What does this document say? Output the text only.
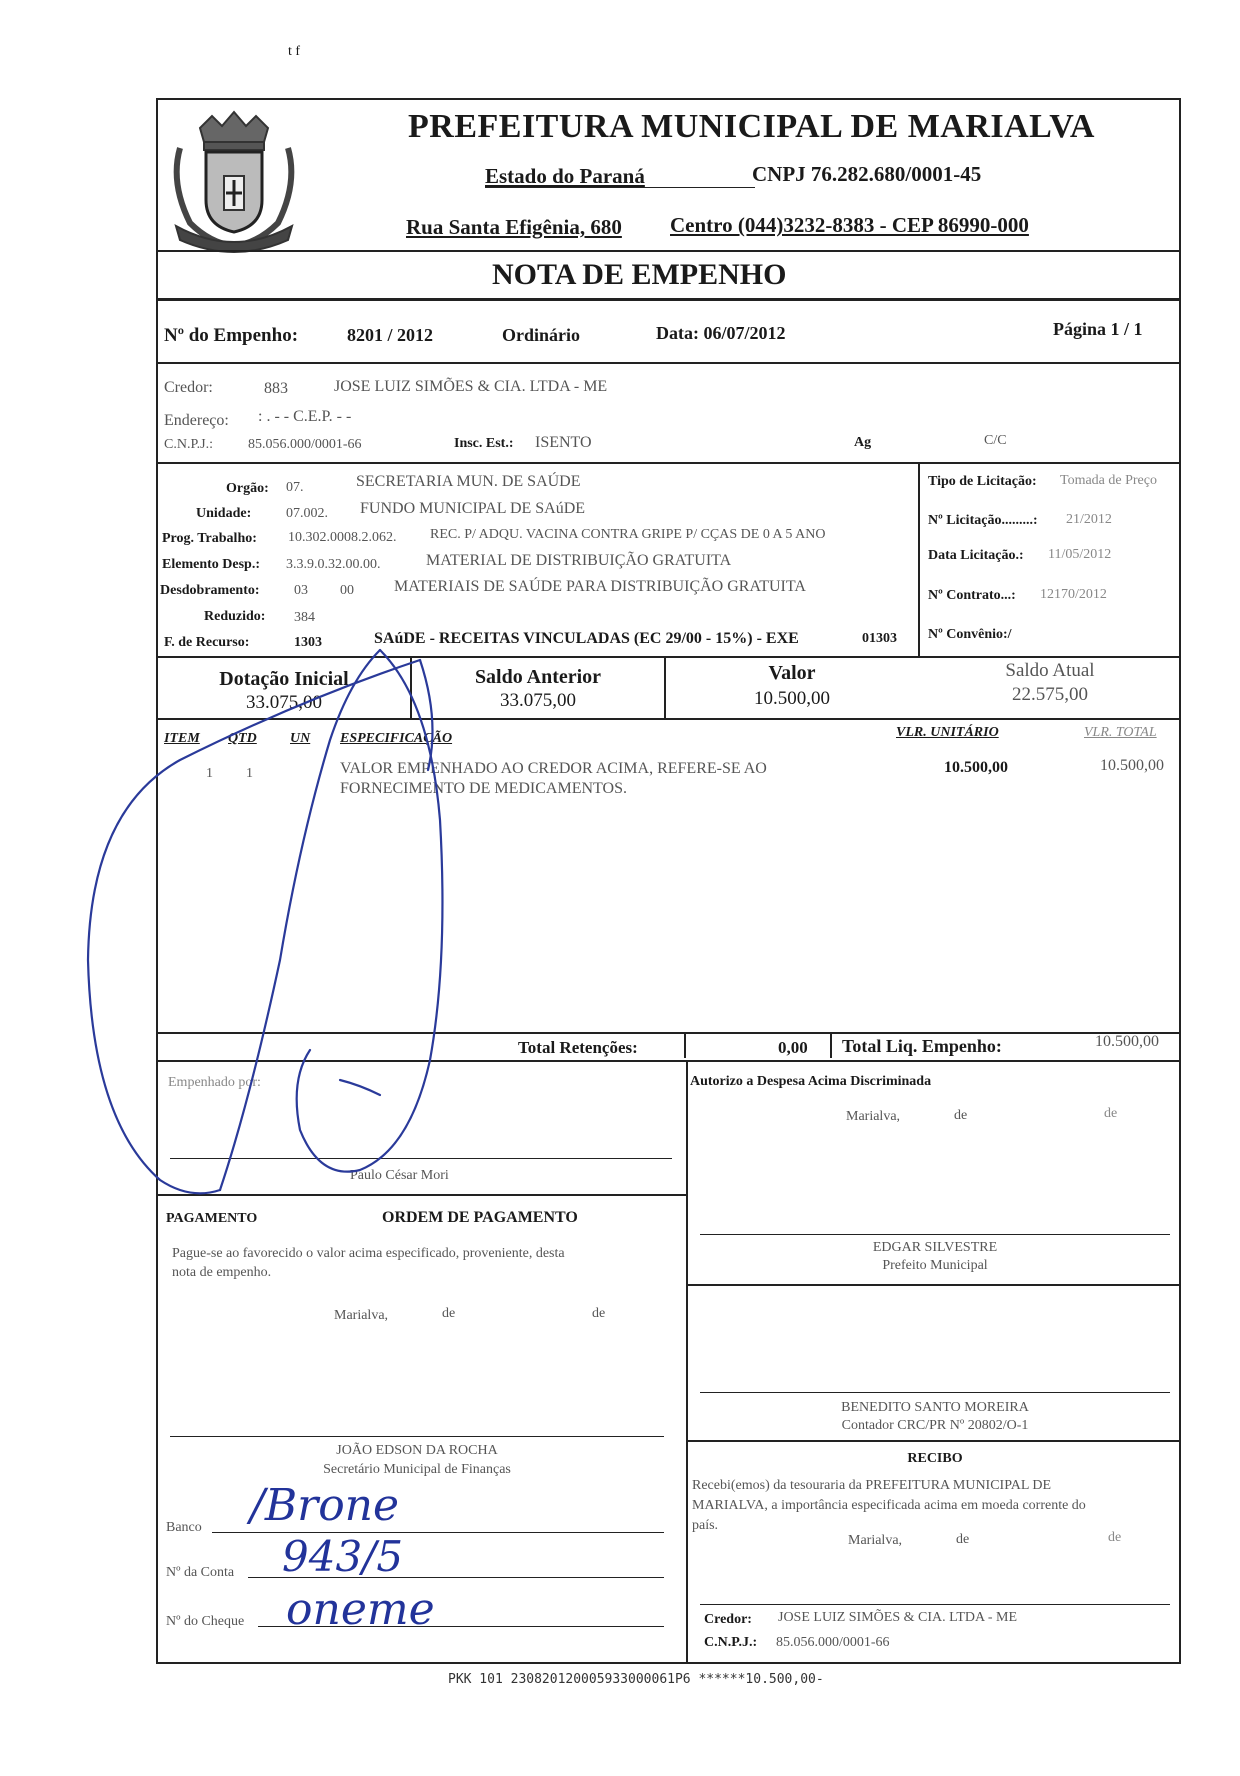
t f
PREFEITURA MUNICIPAL DE MARIALVA
Estado do Paraná	CNPJ 76.282.680/0001-45
Rua Santa Efigênia, 680 Centro (044)3232-8383 - CEP 86990-000
NOTA DE EMPENHO
Nº do Empenho:	8201 / 2012	Ordinário	Data: 06/07/2012	Página 1 / 1
Credor:	883	JOSE LUIZ SIMÕES & CIA. LTDA - ME
Endereço: : . - - C.E.P. - -
C.N.P.J.: 85.056.000/0001-66	Insc. Est.: ISENTO	Ag	C/C
Orgão: 07.	SECRETARIA MUN. DE SAÚDE
Unidade: 07.002. FUNDO MUNICIPAL DE SAúDE
Prog. Trabalho: 10.302.0008.2.062. REC. P/ ADQU. VACINA CONTRA GRIPE P/ CÇAS DE 0 A 5 ANO
Elemento Desp.: 3.3.9.0.32.00.00.	MATERIAL DE DISTRIBUIÇÃO GRATUITA
Desdobramento: 03 00	MATERIAIS DE SAÚDE PARA DISTRIBUIÇÃO GRATUITA
Reduzido: 384
F. de Recurso:	1303	SAúDE - RECEITAS VINCULADAS (EC 29/00 - 15%) - EXE	01303
Tipo de Licitação: Tomada de Preço
Nº Licitação.........: 21/2012
Data Licitação.: 11/05/2012
Nº Contrato...: 12170/2012
Nº Convênio:/
Dotação Inicial
33.075,00
Saldo Anterior
33.075,00
Valor
10.500,00
Saldo Atual
22.575,00
ITEM QTD UN ESPECIFICAÇÃO	VLR. UNITÁRIO	VLR. TOTAL
1 1	VALOR EMPENHADO AO CREDOR ACIMA, REFERE-SE AO
FORNECIMENTO DE MEDICAMENTOS.
10.500,00	10.500,00
Total Retenções:	0,00 Total Liq. Empenho:	10.500,00
Empenhado por:
Paulo César Mori
Autorizo a Despesa Acima Discriminada
Marialva,	de	de
EDGAR SILVESTRE
Prefeito Municipal
BENEDITO SANTO MOREIRA
Contador CRC/PR Nº 20802/O-1
PAGAMENTO	ORDEM DE PAGAMENTO
Pague-se ao favorecido o valor acima especificado, proveniente, desta
nota de empenho.
Marialva,	de	de
JOÃO EDSON DA ROCHA
Secretário Municipal de Finanças
Banco
Nº da Conta
Nº do Cheque
/Brone
943/5
oneme
RECIBO
Recebi(emos) da tesouraria da PREFEITURA MUNICIPAL DE
MARIALVA, a importância especificada acima em moeda corrente do
país.
Marialva,	de	de
Credor: JOSE LUIZ SIMÕES & CIA. LTDA - ME
C.N.P.J.: 85.056.000/0001-66
PKK 101 230820120005933000061P6 ******10.500,00-
